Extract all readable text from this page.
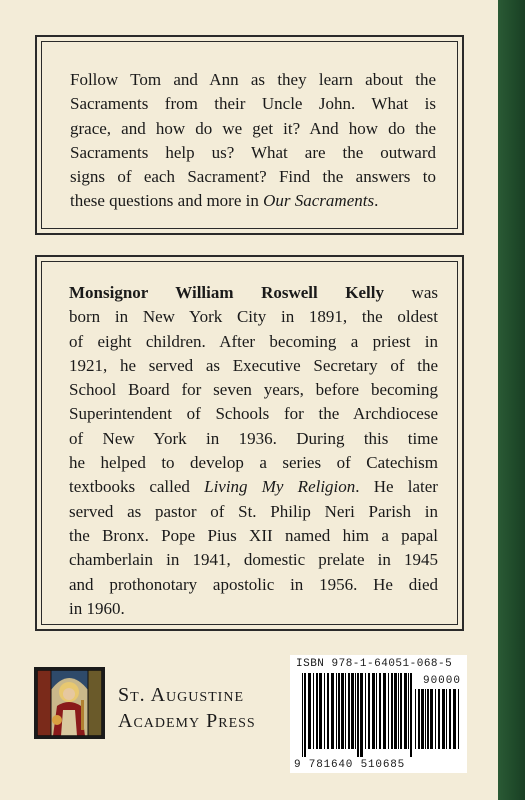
Follow Tom and Ann as they learn about the
Sacraments from their Uncle John. What is
grace, and how do we get it? And how do the
Sacraments help us? What are the outward
signs of each Sacrament? Find the answers to
these questions and more in Our Sacraments.
Monsignor William Roswell Kelly was
born in New York City in 1891, the oldest
of eight children. After becoming a priest in
1921, he served as Executive Secretary of the
School Board for seven years, before becoming
Superintendent of Schools for the Archdiocese
of New York in 1936. During this time
he helped to develop a series of Catechism
textbooks called Living My Religion. He later
served as pastor of St. Philip Neri Parish in
the Bronx. Pope Pius XII named him a papal
chamberlain in 1941, domestic prelate in 1945
and prothonotary apostolic in 1956. He died
in 1960.
St. Augustine
Academy Press
ISBN 978-1-64051-068-5
90000
9 781640 510685
